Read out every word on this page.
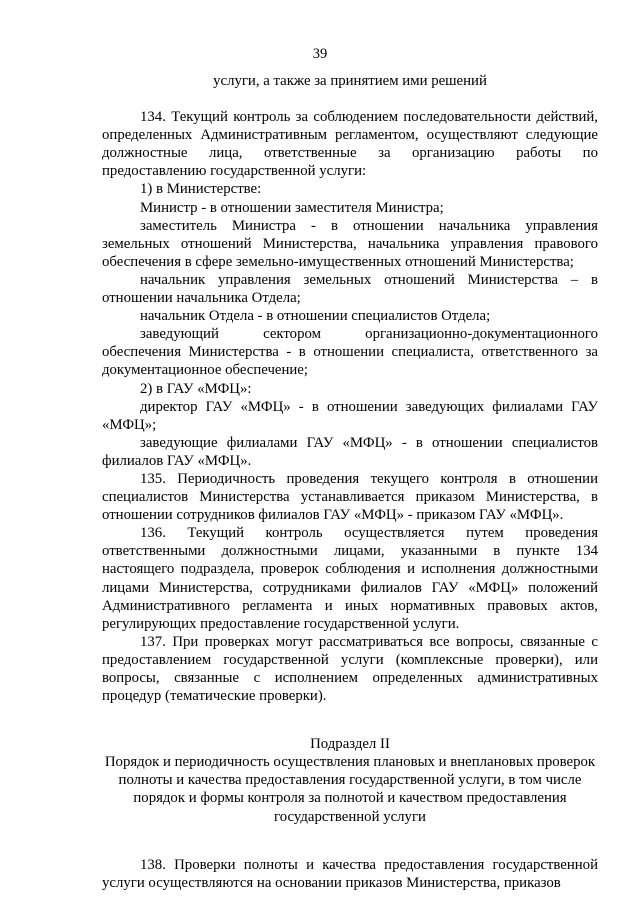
39

услуги, а также за принятием ими решений

134. Текущий контроль за соблюдением последовательности действий, определенных Административным регламентом, осуществляют следующие должностные лица, ответственные за организацию работы по предоставлению государственной услуги:

1) в Министерстве:

Министр - в отношении заместителя Министра;

заместитель Министра - в отношении начальника управления земельных отношений Министерства, начальника управления правового обеспечения в сфере земельно-имущественных отношений Министерства;

начальник управления земельных отношений Министерства – в отношении начальника Отдела;

начальник Отдела - в отношении специалистов Отдела;

заведующий сектором организационно-документационного обеспечения Министерства - в отношении специалиста, ответственного за документационное обеспечение;

2) в ГАУ «МФЦ»:

директор ГАУ «МФЦ» - в отношении заведующих филиалами ГАУ «МФЦ»;

заведующие филиалами ГАУ «МФЦ» - в отношении специалистов филиалов ГАУ «МФЦ».

135. Периодичность проведения текущего контроля в отношении специалистов Министерства устанавливается приказом Министерства, в отношении сотрудников филиалов ГАУ «МФЦ» - приказом ГАУ «МФЦ».

136. Текущий контроль осуществляется путем проведения ответственными должностными лицами, указанными в пункте 134 настоящего подраздела, проверок соблюдения и исполнения должностными лицами Министерства, сотрудниками филиалов ГАУ «МФЦ» положений Административного регламента и иных нормативных правовых актов, регулирующих предоставление государственной услуги.

137. При проверках могут рассматриваться все вопросы, связанные с предоставлением государственной услуги (комплексные проверки), или вопросы, связанные с исполнением определенных административных процедур (тематические проверки).

Подраздел II

Порядок и периодичность осуществления плановых и внеплановых проверок полноты и качества предоставления государственной услуги, в том числе порядок и формы контроля за полнотой и качеством предоставления государственной услуги

138. Проверки полноты и качества предоставления государственной услуги осуществляются на основании приказов Министерства, приказов
